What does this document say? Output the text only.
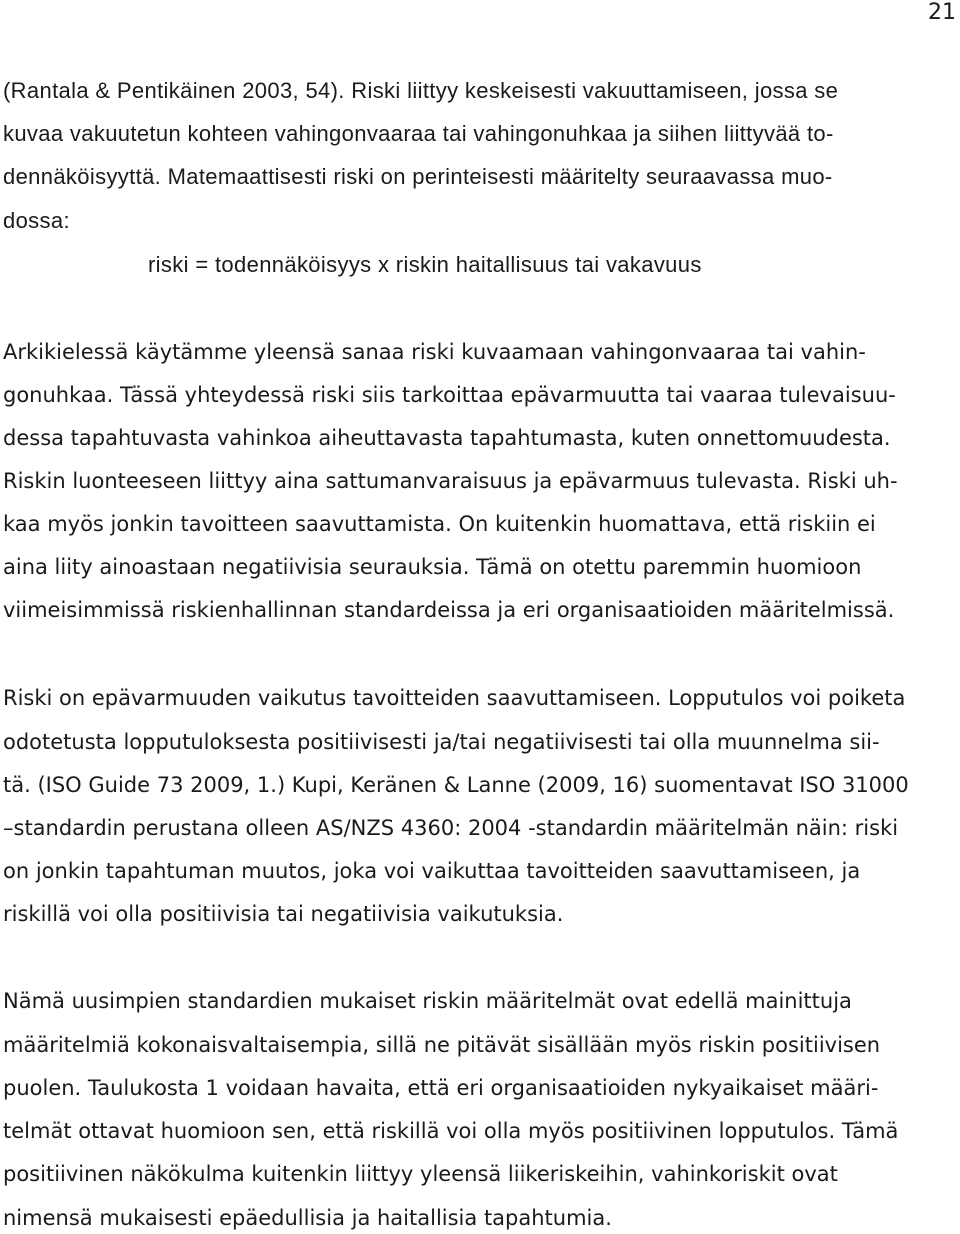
21
(Rantala & Pentikäinen 2003, 54). Riski liittyy keskeisesti vakuuttamiseen, jossa se
kuvaa vakuutetun kohteen vahingonvaaraa tai vahingonuhkaa ja siihen liittyvää to-
dennäköisyyttä. Matemaattisesti riski on perinteisesti määritelty seuraavassa muo-
dossa:
riski = todennäköisyys x riskin haitallisuus tai vakavuus
Arkikielessä käytämme yleensä sanaa riski kuvaamaan vahingonvaaraa tai vahin-
gonuhkaa. Tässä yhteydessä riski siis tarkoittaa epävarmuutta tai vaaraa tulevaisuu-
dessa tapahtuvasta vahinkoa aiheuttavasta tapahtumasta, kuten onnettomuudesta.
Riskin luonteeseen liittyy aina sattumanvaraisuus ja epävarmuus tulevasta. Riski uh-
kaa myös jonkin tavoitteen saavuttamista. On kuitenkin huomattava, että riskiin ei
aina liity ainoastaan negatiivisia seurauksia. Tämä on otettu paremmin huomioon
viimeisimmissä riskienhallinnan standardeissa ja eri organisaatioiden määritelmissä.
Riski on epävarmuuden vaikutus tavoitteiden saavuttamiseen. Lopputulos voi poiketa
odotetusta lopputuloksesta positiivisesti ja/tai negatiivisesti tai olla muunnelma sii-
tä. (ISO Guide 73 2009, 1.) Kupi, Keränen & Lanne (2009, 16) suomentavat ISO 31000
–standardin perustana olleen AS/NZS 4360: 2004 -standardin määritelmän näin: riski
on jonkin tapahtuman muutos, joka voi vaikuttaa tavoitteiden saavuttamiseen, ja
riskillä voi olla positiivisia tai negatiivisia vaikutuksia.
Nämä uusimpien standardien mukaiset riskin määritelmät ovat edellä mainittuja
määritelmiä kokonaisvaltaisempia, sillä ne pitävät sisällään myös riskin positiivisen
puolen. Taulukosta 1 voidaan havaita, että eri organisaatioiden nykyaikaiset määri-
telmät ottavat huomioon sen, että riskillä voi olla myös positiivinen lopputulos. Tämä
positiivinen näkökulma kuitenkin liittyy yleensä liikeriskeihin, vahinkoriskit ovat
nimensä mukaisesti epäedullisia ja haitallisia tapahtumia.
